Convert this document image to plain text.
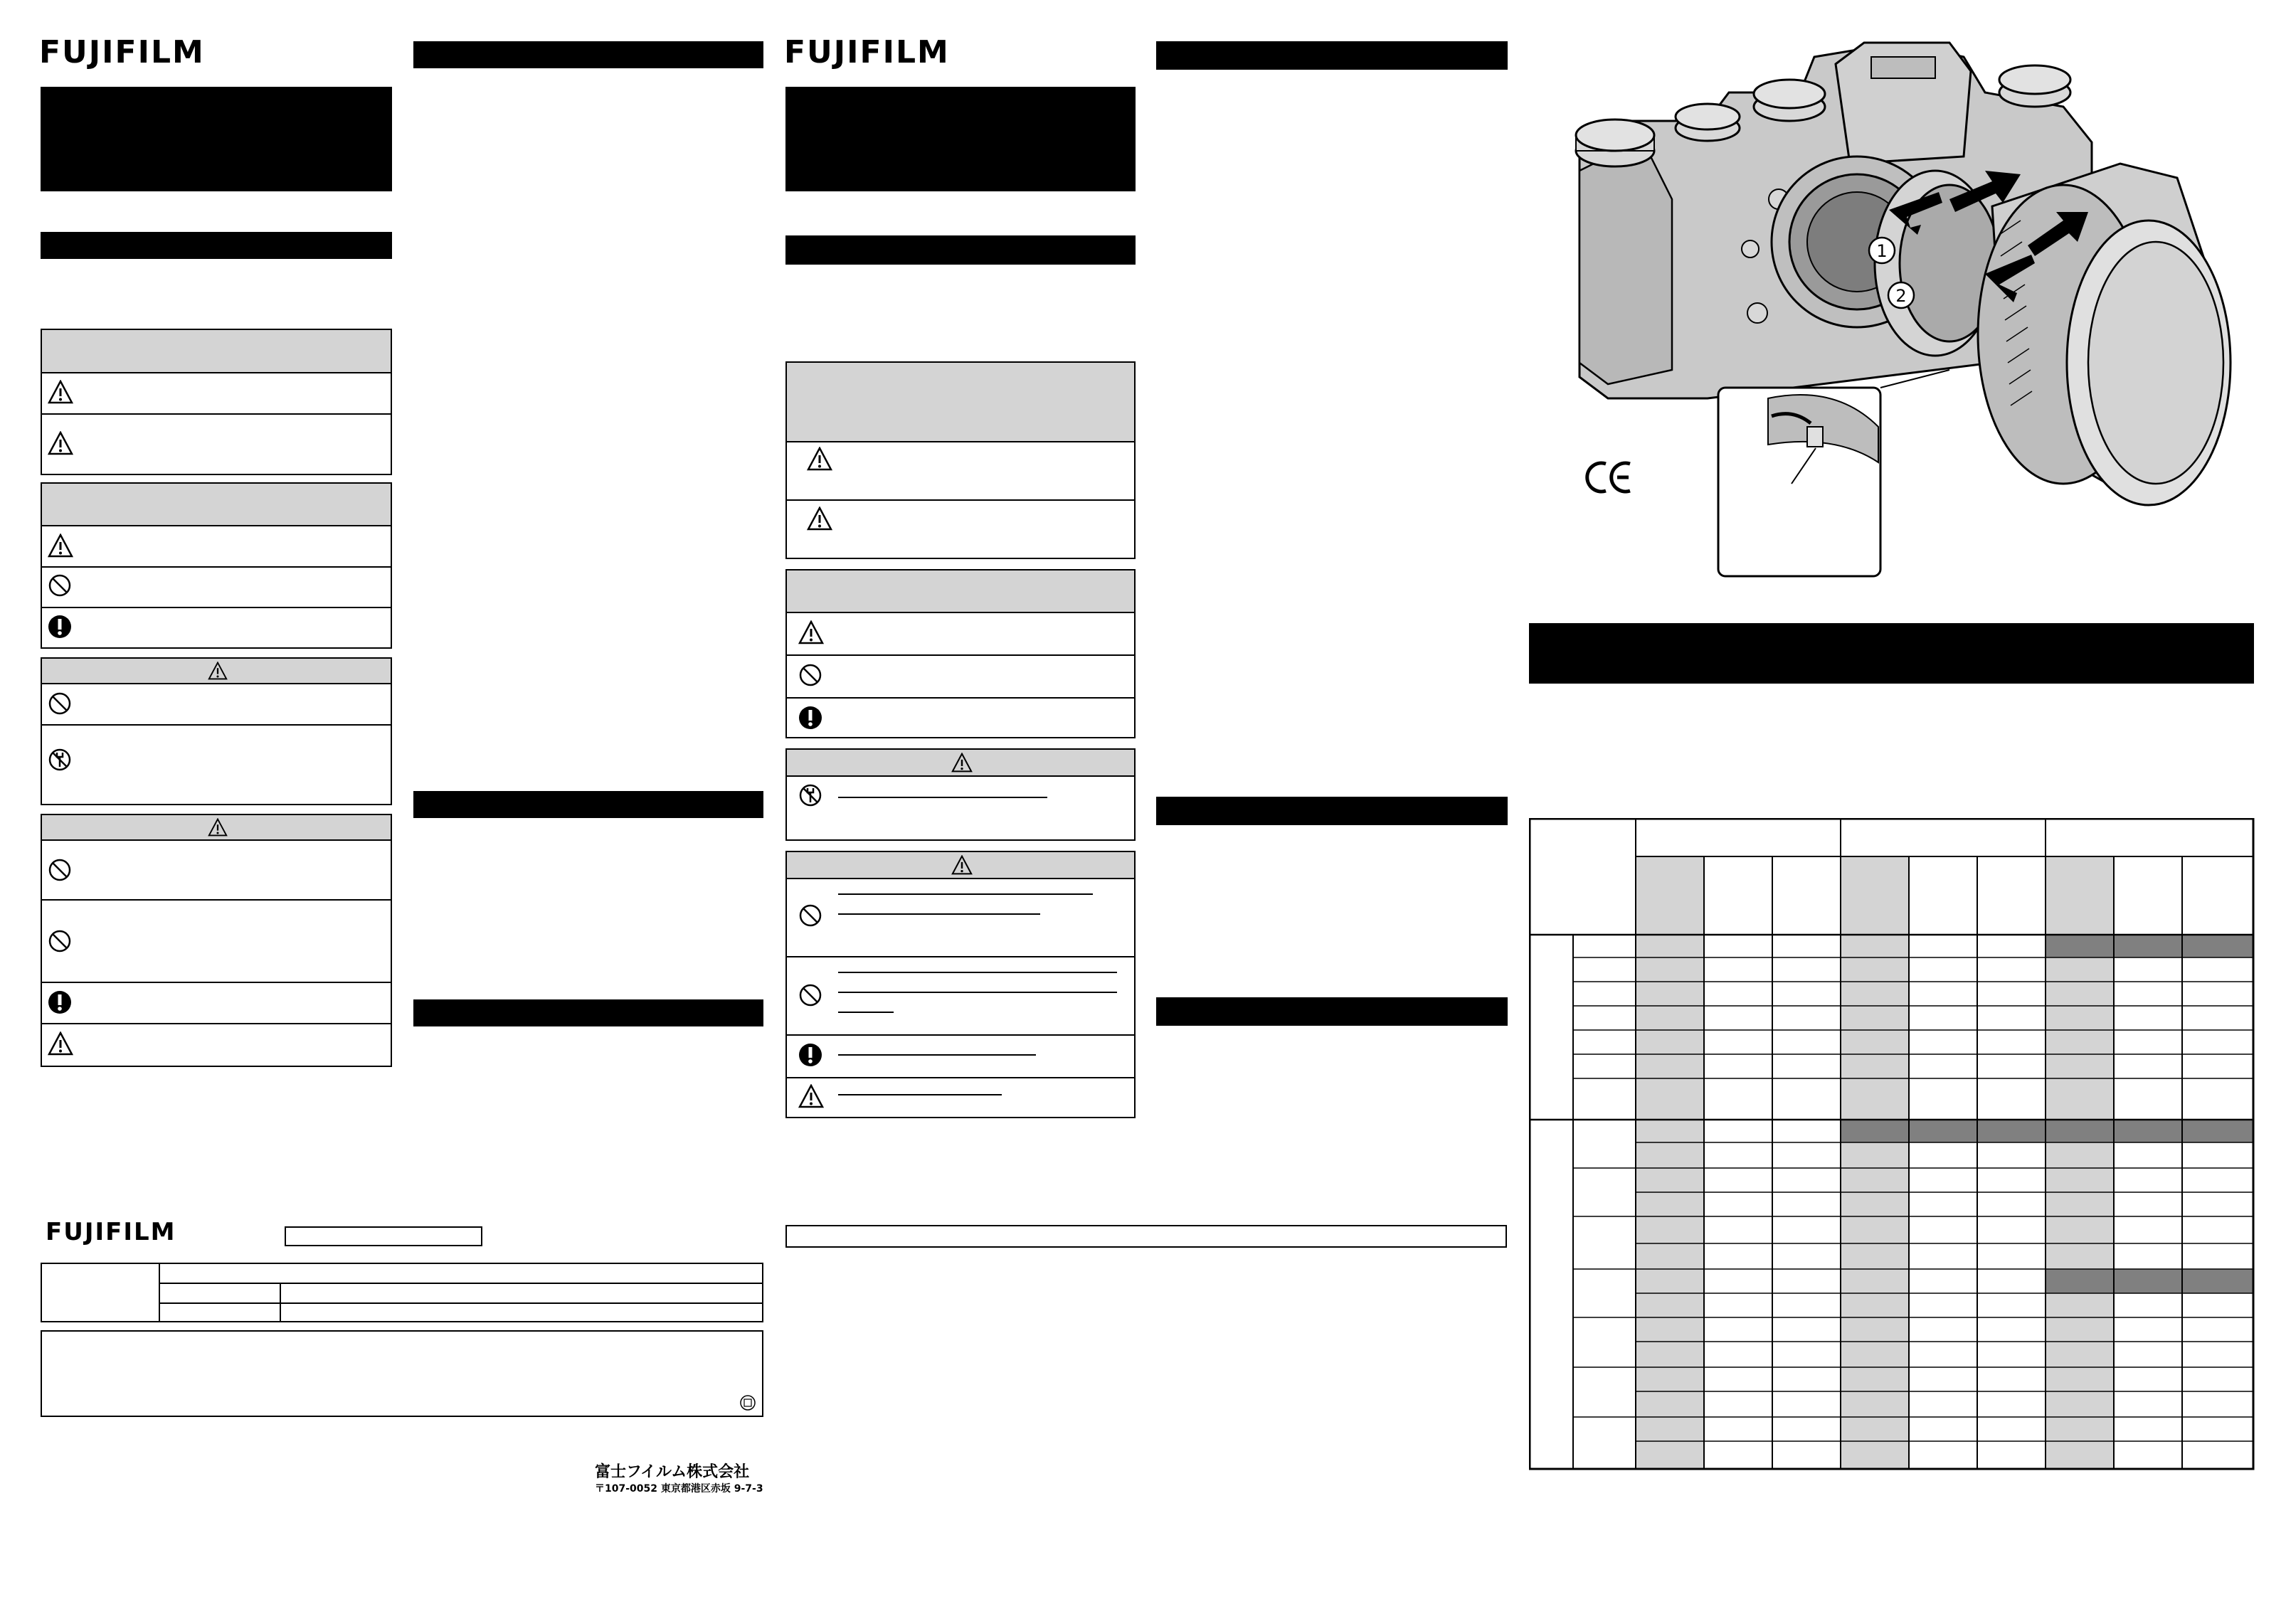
FUJIFILM
FUJIFILM
富士フイルム株式会社
〒107-0052 東京都港区赤坂 9-7-3
FUJIFILM
1
2
